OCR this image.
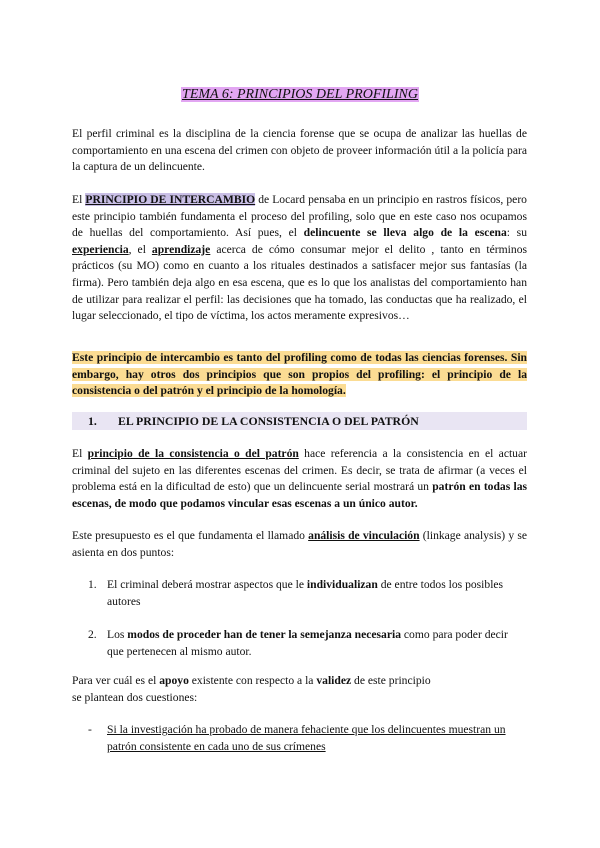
TEMA 6: PRINCIPIOS DEL PROFILING

El perfil criminal es la disciplina de la ciencia forense que se ocupa de analizar las huellas de comportamiento en una escena del crimen con objeto de proveer información útil a la policía para la captura de un delincuente.

El PRINCIPIO DE INTERCAMBIO de Locard pensaba en un principio en rastros físicos, pero este principio también fundamenta el proceso del profiling, solo que en este caso nos ocupamos de huellas del comportamiento. Así pues, el delincuente se lleva algo de la escena: su experiencia, el aprendizaje acerca de cómo consumar mejor el delito , tanto en términos prácticos (su MO) como en cuanto a los rituales destinados a satisfacer mejor sus fantasías (la firma). Pero también deja algo en esa escena, que es lo que los analistas del comportamiento han de utilizar para realizar el perfil: las decisiones que ha tomado, las conductas que ha realizado, el lugar seleccionado, el tipo de víctima, los actos meramente expresivos…

Este principio de intercambio es tanto del profiling como de todas las ciencias forenses. Sin embargo, hay otros dos principios que son propios del profiling: el principio de la consistencia o del patrón y el principio de la homología.

1. EL PRINCIPIO DE LA CONSISTENCIA O DEL PATRÓN

El principio de la consistencia o del patrón hace referencia a la consistencia en el actuar criminal del sujeto en las diferentes escenas del crimen. Es decir, se trata de afirmar (a veces el problema está en la dificultad de esto) que un delincuente serial mostrará un patrón en todas las escenas, de modo que podamos vincular esas escenas a un único autor.

Este presupuesto es el que fundamenta el llamado análisis de vinculación (linkage analysis) y se asienta en dos puntos:

1. El criminal deberá mostrar aspectos que le individualizan de entre todos los posibles autores
2. Los modos de proceder han de tener la semejanza necesaria como para poder decir que pertenecen al mismo autor.

Para ver cuál es el apoyo existente con respecto a la validez de este principio se plantean dos cuestiones:

- Si la investigación ha probado de manera fehaciente que los delincuentes muestran un patrón consistente en cada uno de sus crímenes
